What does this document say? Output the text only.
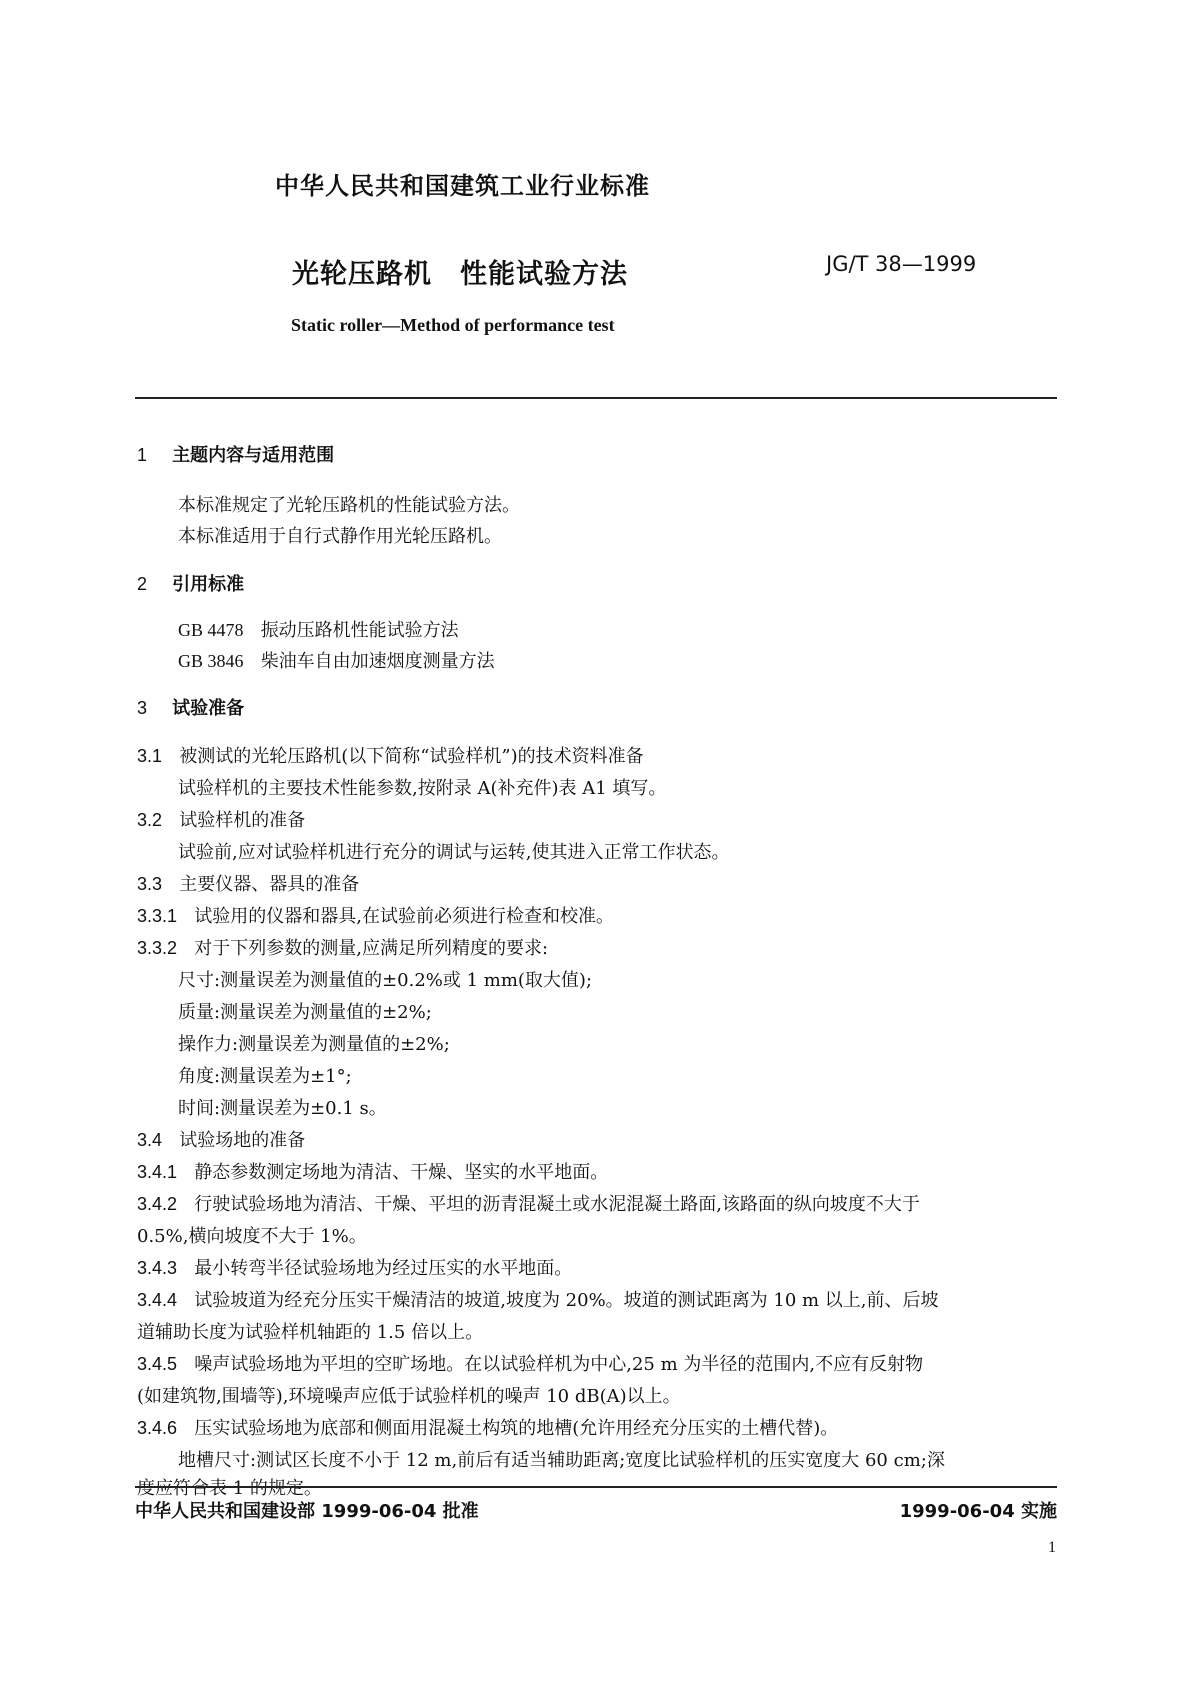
中华人民共和国建筑工业行业标准
光轮压路机 性能试验方法	JG/T 38—1999
Static roller—Method of performance test
1 主题内容与适用范围
本标准规定了光轮压路机的性能试验方法。
本标准适用于自行式静作用光轮压路机。
2 引用标准
GB 4478 振动压路机性能试验方法
GB 3846 柴油车自由加速烟度测量方法
3 试验准备
3.1 被测试的光轮压路机(以下简称“试验样机”)的技术资料准备
试验样机的主要技术性能参数,按附录 A(补充件)表 A1 填写。
3.2 试验样机的准备
试验前,应对试验样机进行充分的调试与运转,使其进入正常工作状态。
3.3 主要仪器、器具的准备
3.3.1 试验用的仪器和器具,在试验前必须进行检查和校准。
3.3.2 对于下列参数的测量,应满足所列精度的要求:
尺寸:测量误差为测量值的±0.2%或 1 mm(取大值);
质量:测量误差为测量值的±2%;
操作力:测量误差为测量值的±2%;
角度:测量误差为±1°;
时间:测量误差为±0.1 s。
3.4 试验场地的准备
3.4.1 静态参数测定场地为清洁、干燥、坚实的水平地面。
3.4.2 行驶试验场地为清洁、干燥、平坦的沥青混凝土或水泥混凝土路面,该路面的纵向坡度不大于
0.5%,横向坡度不大于 1%。
3.4.3 最小转弯半径试验场地为经过压实的水平地面。
3.4.4 试验坡道为经充分压实干燥清洁的坡道,坡度为 20%。坡道的测试距离为 10 m 以上,前、后坡
道辅助长度为试验样机轴距的 1.5 倍以上。
3.4.5 噪声试验场地为平坦的空旷场地。在以试验样机为中心,25 m 为半径的范围内,不应有反射物
(如建筑物,围墙等),环境噪声应低于试验样机的噪声 10 dB(A)以上。
3.4.6 压实试验场地为底部和侧面用混凝土构筑的地槽(允许用经充分压实的土槽代替)。
地槽尺寸:测试区长度不小于 12 m,前后有适当辅助距离;宽度比试验样机的压实宽度大 60 cm;深
度应符合表 1 的规定。
中华人民共和国建设部 1999-06-04 批准	1999-06-04 实施
1
